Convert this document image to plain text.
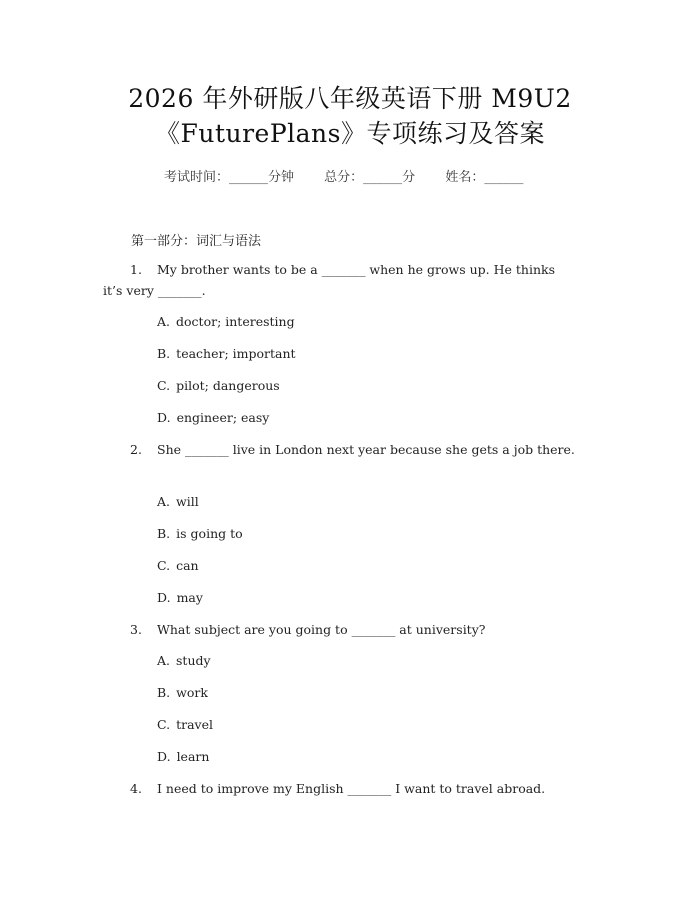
2026 年外研版八年级英语下册 M9U2
《FuturePlans》专项练习及答案
考试时间：______分钟 总分：______分 姓名：______
第一部分：词汇与语法
1. My brother wants to be a _______ when he grows up. He thinks it’s very _______.
A. doctor; interesting
B. teacher; important
C. pilot; dangerous
D. engineer; easy
2. She _______ live in London next year because she gets a job there.
A. will
B. is going to
C. can
D. may
3. What subject are you going to _______ at university?
A. study
B. work
C. travel
D. learn
4. I need to improve my English _______ I want to travel abroad.
